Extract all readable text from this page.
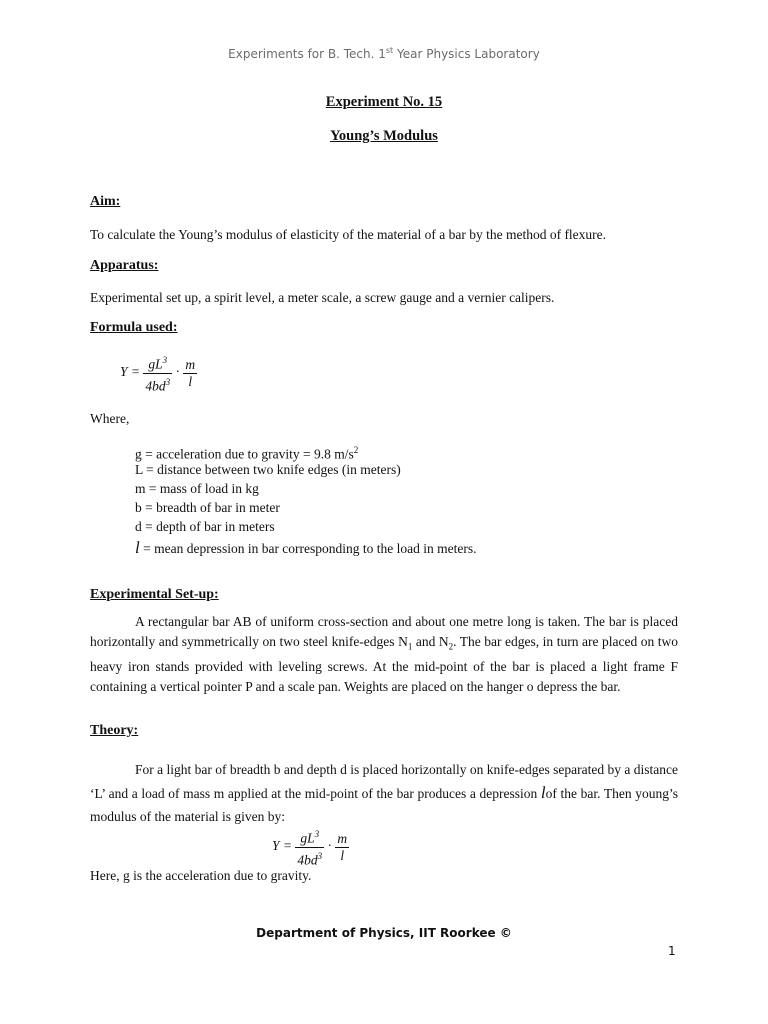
Experiments for B. Tech. 1st Year Physics Laboratory
Experiment No. 15
Young’s Modulus
Aim:
To calculate the Young’s modulus of elasticity of the material of a bar by the method of flexure.
Apparatus:
Experimental set up, a spirit level, a meter scale, a screw gauge and a vernier calipers.
Formula used:
$Y = \frac{gL^3}{4bd^3} \cdot \frac{m}{l}$
Where,
g = acceleration due to gravity = 9.8 $m/s^2$
L = distance between two knife edges (in meters)
m = mass of load in kg
b = breadth of bar in meter
d = depth of bar in meters
l = mean depression in bar corresponding to the load in meters.
Experimental Set-up:
A rectangular bar AB of uniform cross-section and about one metre long is taken. The bar is placed horizontally and symmetrically on two steel knife-edges $N_1$ and $N_2$. The bar edges, in turn are placed on two heavy iron stands provided with leveling screws. At the mid-point of the bar is placed a light frame F containing a vertical pointer P and a scale pan. Weights are placed on the hanger o depress the bar.
Theory:
For a light bar of breadth b and depth d is placed horizontally on knife-edges separated by a distance ‘L’ and a load of mass m applied at the mid-point of the bar produces a depression lof the bar. Then young’s modulus of the material is given by:
$Y = \frac{gL^3}{4bd^3} \cdot \frac{m}{l}$
Here, g is the acceleration due to gravity.
Department of Physics, IIT Roorkee ©
1
